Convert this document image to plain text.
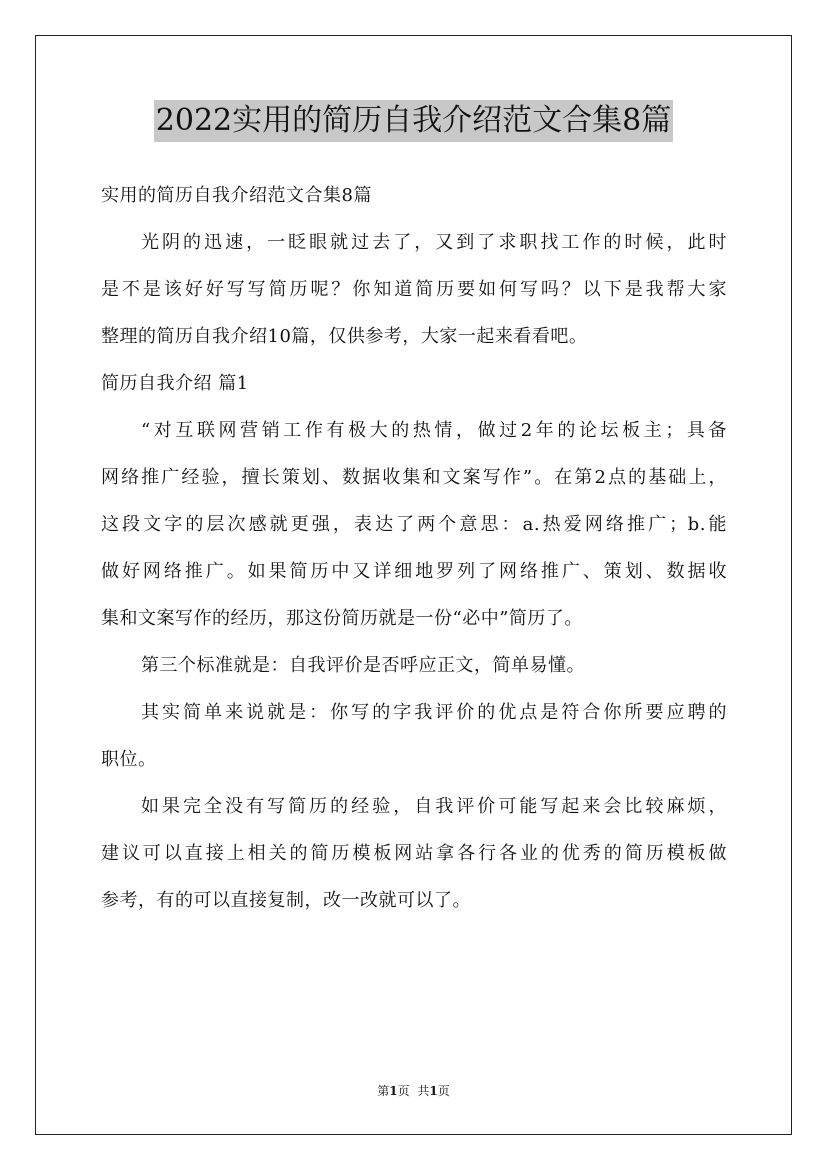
2022实用的简历自我介绍范文合集8篇
实用的简历自我介绍范文合集8篇
光阴的迅速，一眨眼就过去了，又到了求职找工作的时候，此时
是不是该好好写写简历呢？你知道简历要如何写吗？以下是我帮大家
整理的简历自我介绍10篇，仅供参考，大家一起来看看吧。
简历自我介绍 篇1
“对互联网营销工作有极大的热情，做过2年的论坛板主；具备
网络推广经验，擅长策划、数据收集和文案写作”。在第2点的基础上，
这段文字的层次感就更强，表达了两个意思：a.热爱网络推广；b.能
做好网络推广。如果简历中又详细地罗列了网络推广、策划、数据收
集和文案写作的经历，那这份简历就是一份“必中”简历了。
第三个标准就是：自我评价是否呼应正文，简单易懂。
其实简单来说就是：你写的字我评价的优点是符合你所要应聘的
职位。
如果完全没有写简历的经验，自我评价可能写起来会比较麻烦，
建议可以直接上相关的简历模板网站拿各行各业的优秀的简历模板做
参考，有的可以直接复制，改一改就可以了。
第1页 共1页
